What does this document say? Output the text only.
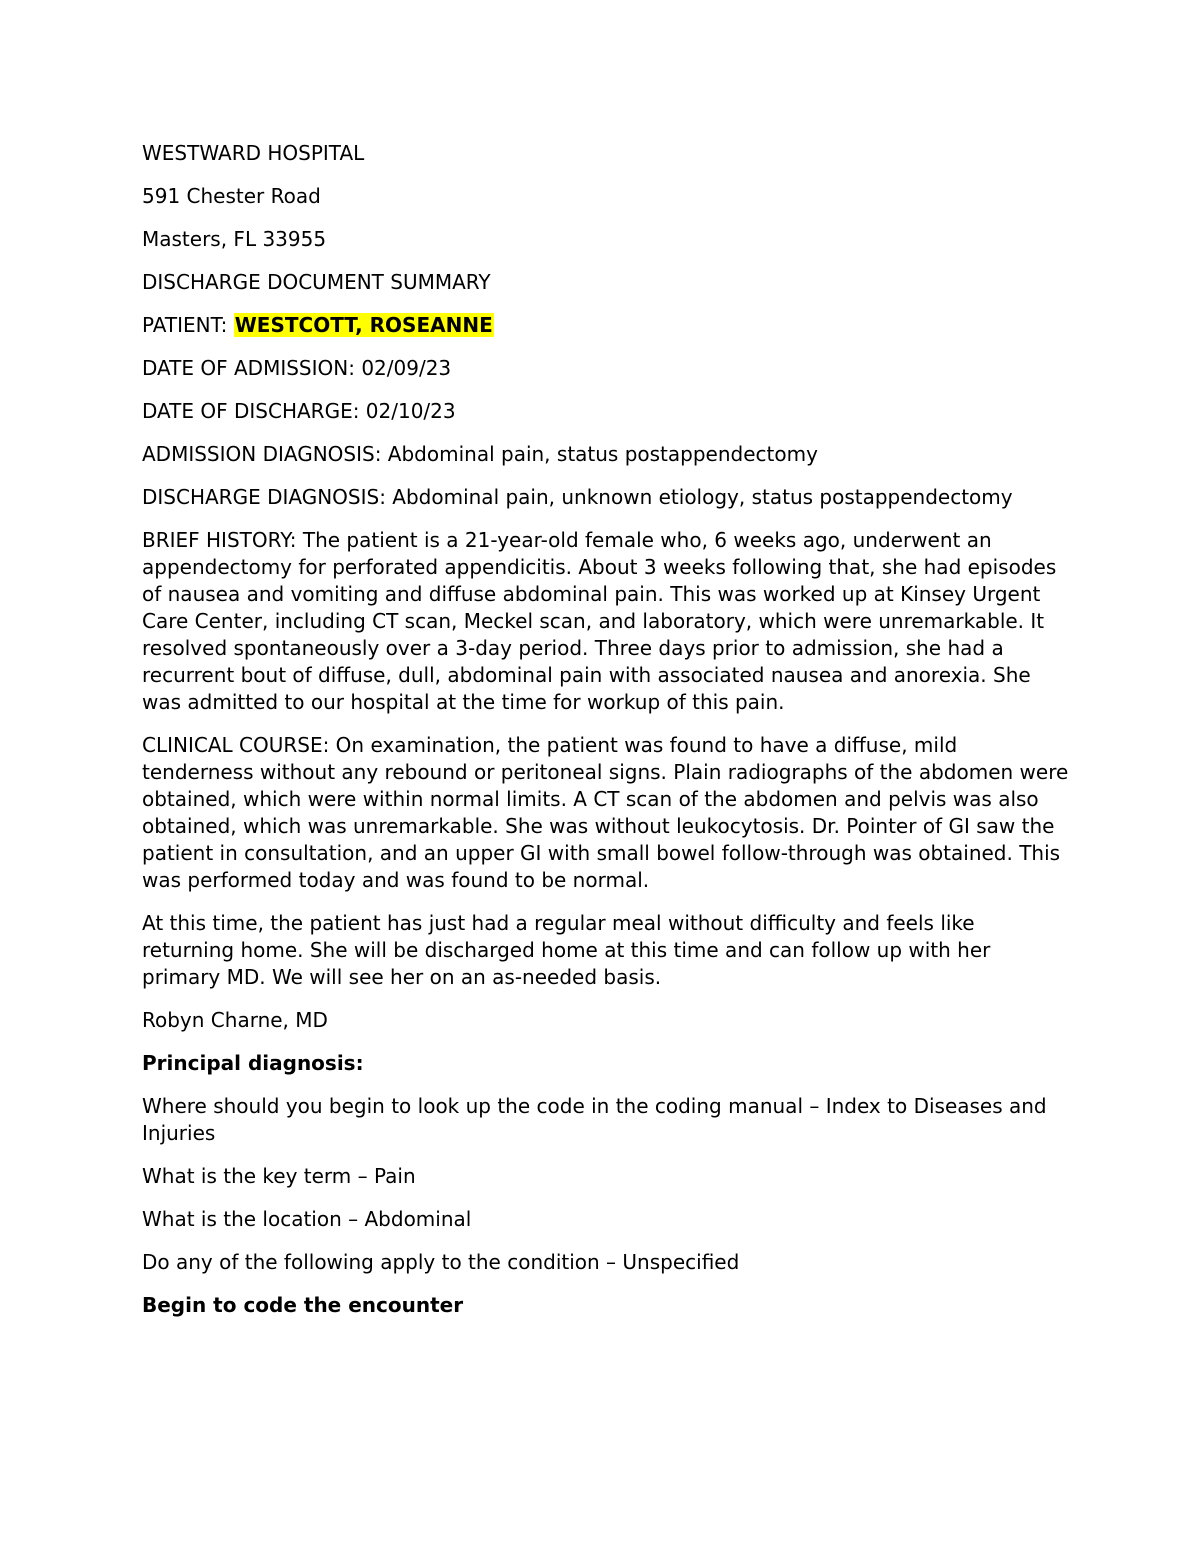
WESTWARD HOSPITAL

591 Chester Road

Masters, FL 33955

DISCHARGE DOCUMENT SUMMARY

PATIENT: WESTCOTT, ROSEANNE

DATE OF ADMISSION: 02/09/23

DATE OF DISCHARGE: 02/10/23

ADMISSION DIAGNOSIS: Abdominal pain, status postappendectomy

DISCHARGE DIAGNOSIS: Abdominal pain, unknown etiology, status postappendectomy

BRIEF HISTORY: The patient is a 21-year-old female who, 6 weeks ago, underwent an appendectomy for perforated appendicitis. About 3 weeks following that, she had episodes of nausea and vomiting and diffuse abdominal pain. This was worked up at Kinsey Urgent Care Center, including CT scan, Meckel scan, and laboratory, which were unremarkable. It resolved spontaneously over a 3-day period. Three days prior to admission, she had a recurrent bout of diffuse, dull, abdominal pain with associated nausea and anorexia. She was admitted to our hospital at the time for workup of this pain.

CLINICAL COURSE: On examination, the patient was found to have a diffuse, mild tenderness without any rebound or peritoneal signs. Plain radiographs of the abdomen were obtained, which were within normal limits. A CT scan of the abdomen and pelvis was also obtained, which was unremarkable. She was without leukocytosis. Dr. Pointer of GI saw the patient in consultation, and an upper GI with small bowel follow-through was obtained. This was performed today and was found to be normal.

At this time, the patient has just had a regular meal without difficulty and feels like returning home. She will be discharged home at this time and can follow up with her primary MD. We will see her on an as-needed basis.

Robyn Charne, MD

Principal diagnosis:

Where should you begin to look up the code in the coding manual – Index to Diseases and Injuries

What is the key term – Pain

What is the location – Abdominal

Do any of the following apply to the condition – Unspecified

Begin to code the encounter
